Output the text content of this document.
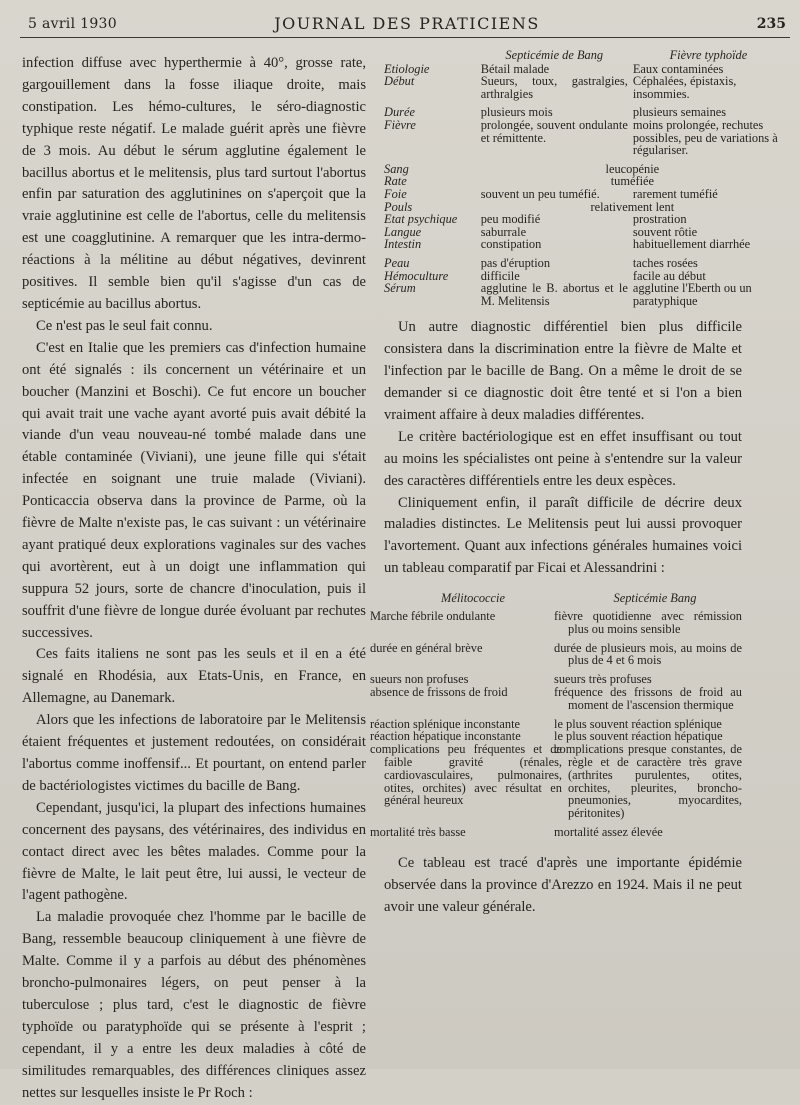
5 avril 1930	JOURNAL DES PRATICIENS	235

infection diffuse avec hyperthermie à 40°, grosse rate, gargouillement dans la fosse iliaque droite, mais constipation. Les hémo-cultures, le séro-diagnostic typhique reste négatif. Le malade guérit après une fièvre de 3 mois. Au début le sérum agglutine également le bacillus abortus et le melitensis, plus tard surtout l'abortus enfin par saturation des agglutinines on s'aperçoit que la vraie agglutinine est celle de l'abortus, celle du melitensis est une coagglutinine. A remarquer que les intra-dermo-réactions à la mélitine au début négatives, devinrent positives. Il semble bien qu'il s'agisse d'un cas de septicémie au bacillus abortus.

Ce n'est pas le seul fait connu.

C'est en Italie que les premiers cas d'infection humaine ont été signalés : ils concernent un vétérinaire et un boucher (Manzini et Boschi). Ce fut encore un boucher qui avait trait une vache ayant avorté puis avait débité la viande d'un veau nouveau-né tombé malade dans une étable contaminée (Viviani), une jeune fille qui s'était infectée en soignant une truie malade (Viviani). Ponticaccia observa dans la province de Parme, où la fièvre de Malte n'existe pas, le cas suivant : un vétérinaire ayant pratiqué deux explorations vaginales sur des vaches qui avortèrent, eut à un doigt une inflammation qui suppura 52 jours, sorte de chancre d'inoculation, puis il souffrit d'une fièvre de longue durée évoluant par rechutes successives.

Ces faits italiens ne sont pas les seuls et il en a été signalé en Rhodésia, aux Etats-Unis, en France, en Allemagne, au Danemark.

Alors que les infections de laboratoire par le Melitensis étaient fréquentes et justement redoutées, on considérait l'abortus comme inoffensif... Et pourtant, on entend parler de bactériologistes victimes du bacille de Bang.

Cependant, jusqu'ici, la plupart des infections humaines concernent des paysans, des vétérinaires, des individus en contact direct avec les bêtes malades. Comme pour la fièvre de Malte, le lait peut être, lui aussi, le vecteur de l'agent pathogène.

La maladie provoquée chez l'homme par le bacille de Bang, ressemble beaucoup cliniquement à une fièvre de Malte. Comme il y a parfois au début des phénomènes broncho-pulmonaires légers, on peut penser à la tuberculose ; plus tard, c'est le diagnostic de fièvre typhoïde ou paratyphoïde qui se présente à l'esprit ; cependant, il y a entre les deux maladies à côté de similitudes remarquables, des différences cliniques assez nettes sur lesquelles insiste le Pr Roch :

	Septicémie de Bang	Fièvre typhoïde
Etiologie	Bétail malade	Eaux contaminées
Début	Sueurs, toux, gastralgies, arthralgies	Céphalées, épistaxis, insommies.
Durée	plusieurs mois	plusieurs semaines
Fièvre	prolongée, souvent ondulante et rémittente.	moins prolongée, rechutes possibles, peu de variations à régulariser.
Sang	leucopénie	
Rate	tuméfiée	
Foie	souvent un peu tuméfié.	rarement tuméfié
Pouls	relativement lent	
Etat psychique	peu modifié	prostration
Langue	saburrale	souvent rôtie
Intestin	constipation	habituellement diarrhée
Peau	pas d'éruption	taches rosées
Hémoculture	difficile	facile au début
Sérum	agglutine le B. abortus et le M. Melitensis	agglutine l'Eberth ou un paratyphique

Un autre diagnostic différentiel bien plus difficile consistera dans la discrimination entre la fièvre de Malte et l'infection par le bacille de Bang. On a même le droit de se demander si ce diagnostic doit être tenté et si l'on a bien vraiment affaire à deux maladies différentes.

Le critère bactériologique est en effet insuffisant ou tout au moins les spécialistes ont peine à s'entendre sur la valeur des caractères différentiels entre les deux espèces.

Cliniquement enfin, il paraît difficile de décrire deux maladies distinctes. Le Melitensis peut lui aussi provoquer l'avortement. Quant aux infections générales humaines voici un tableau comparatif par Ficai et Alessandrini :

Mélitococcie	Septicémie Bang
Marche fébrile ondulante	fièvre quotidienne avec rémission plus ou moins sensible
durée en général brève	durée de plusieurs mois, au moins de plus de 4 et 6 mois
sueurs non profuses	sueurs très profuses
absence de frissons de froid	fréquence des frissons de froid au moment de l'ascension thermique
réaction splénique inconstante	le plus souvent réaction splénique
réaction hépatique inconstante	le plus souvent réaction hépatique
complications peu fréquentes et de faible gravité (rénales, cardiovasculaires, pulmonaires, otites, orchites) avec résultat en général heureux	complications presque constantes, de règle et de caractère très grave (arthrites purulentes, otites, orchites, pleurites, broncho-pneumonies, myocardites, péritonites)
mortalité très basse	mortalité assez élevée

Ce tableau est tracé d'après une importante épidémie observée dans la province d'Arezzo en 1924. Mais il ne peut avoir une valeur générale.
